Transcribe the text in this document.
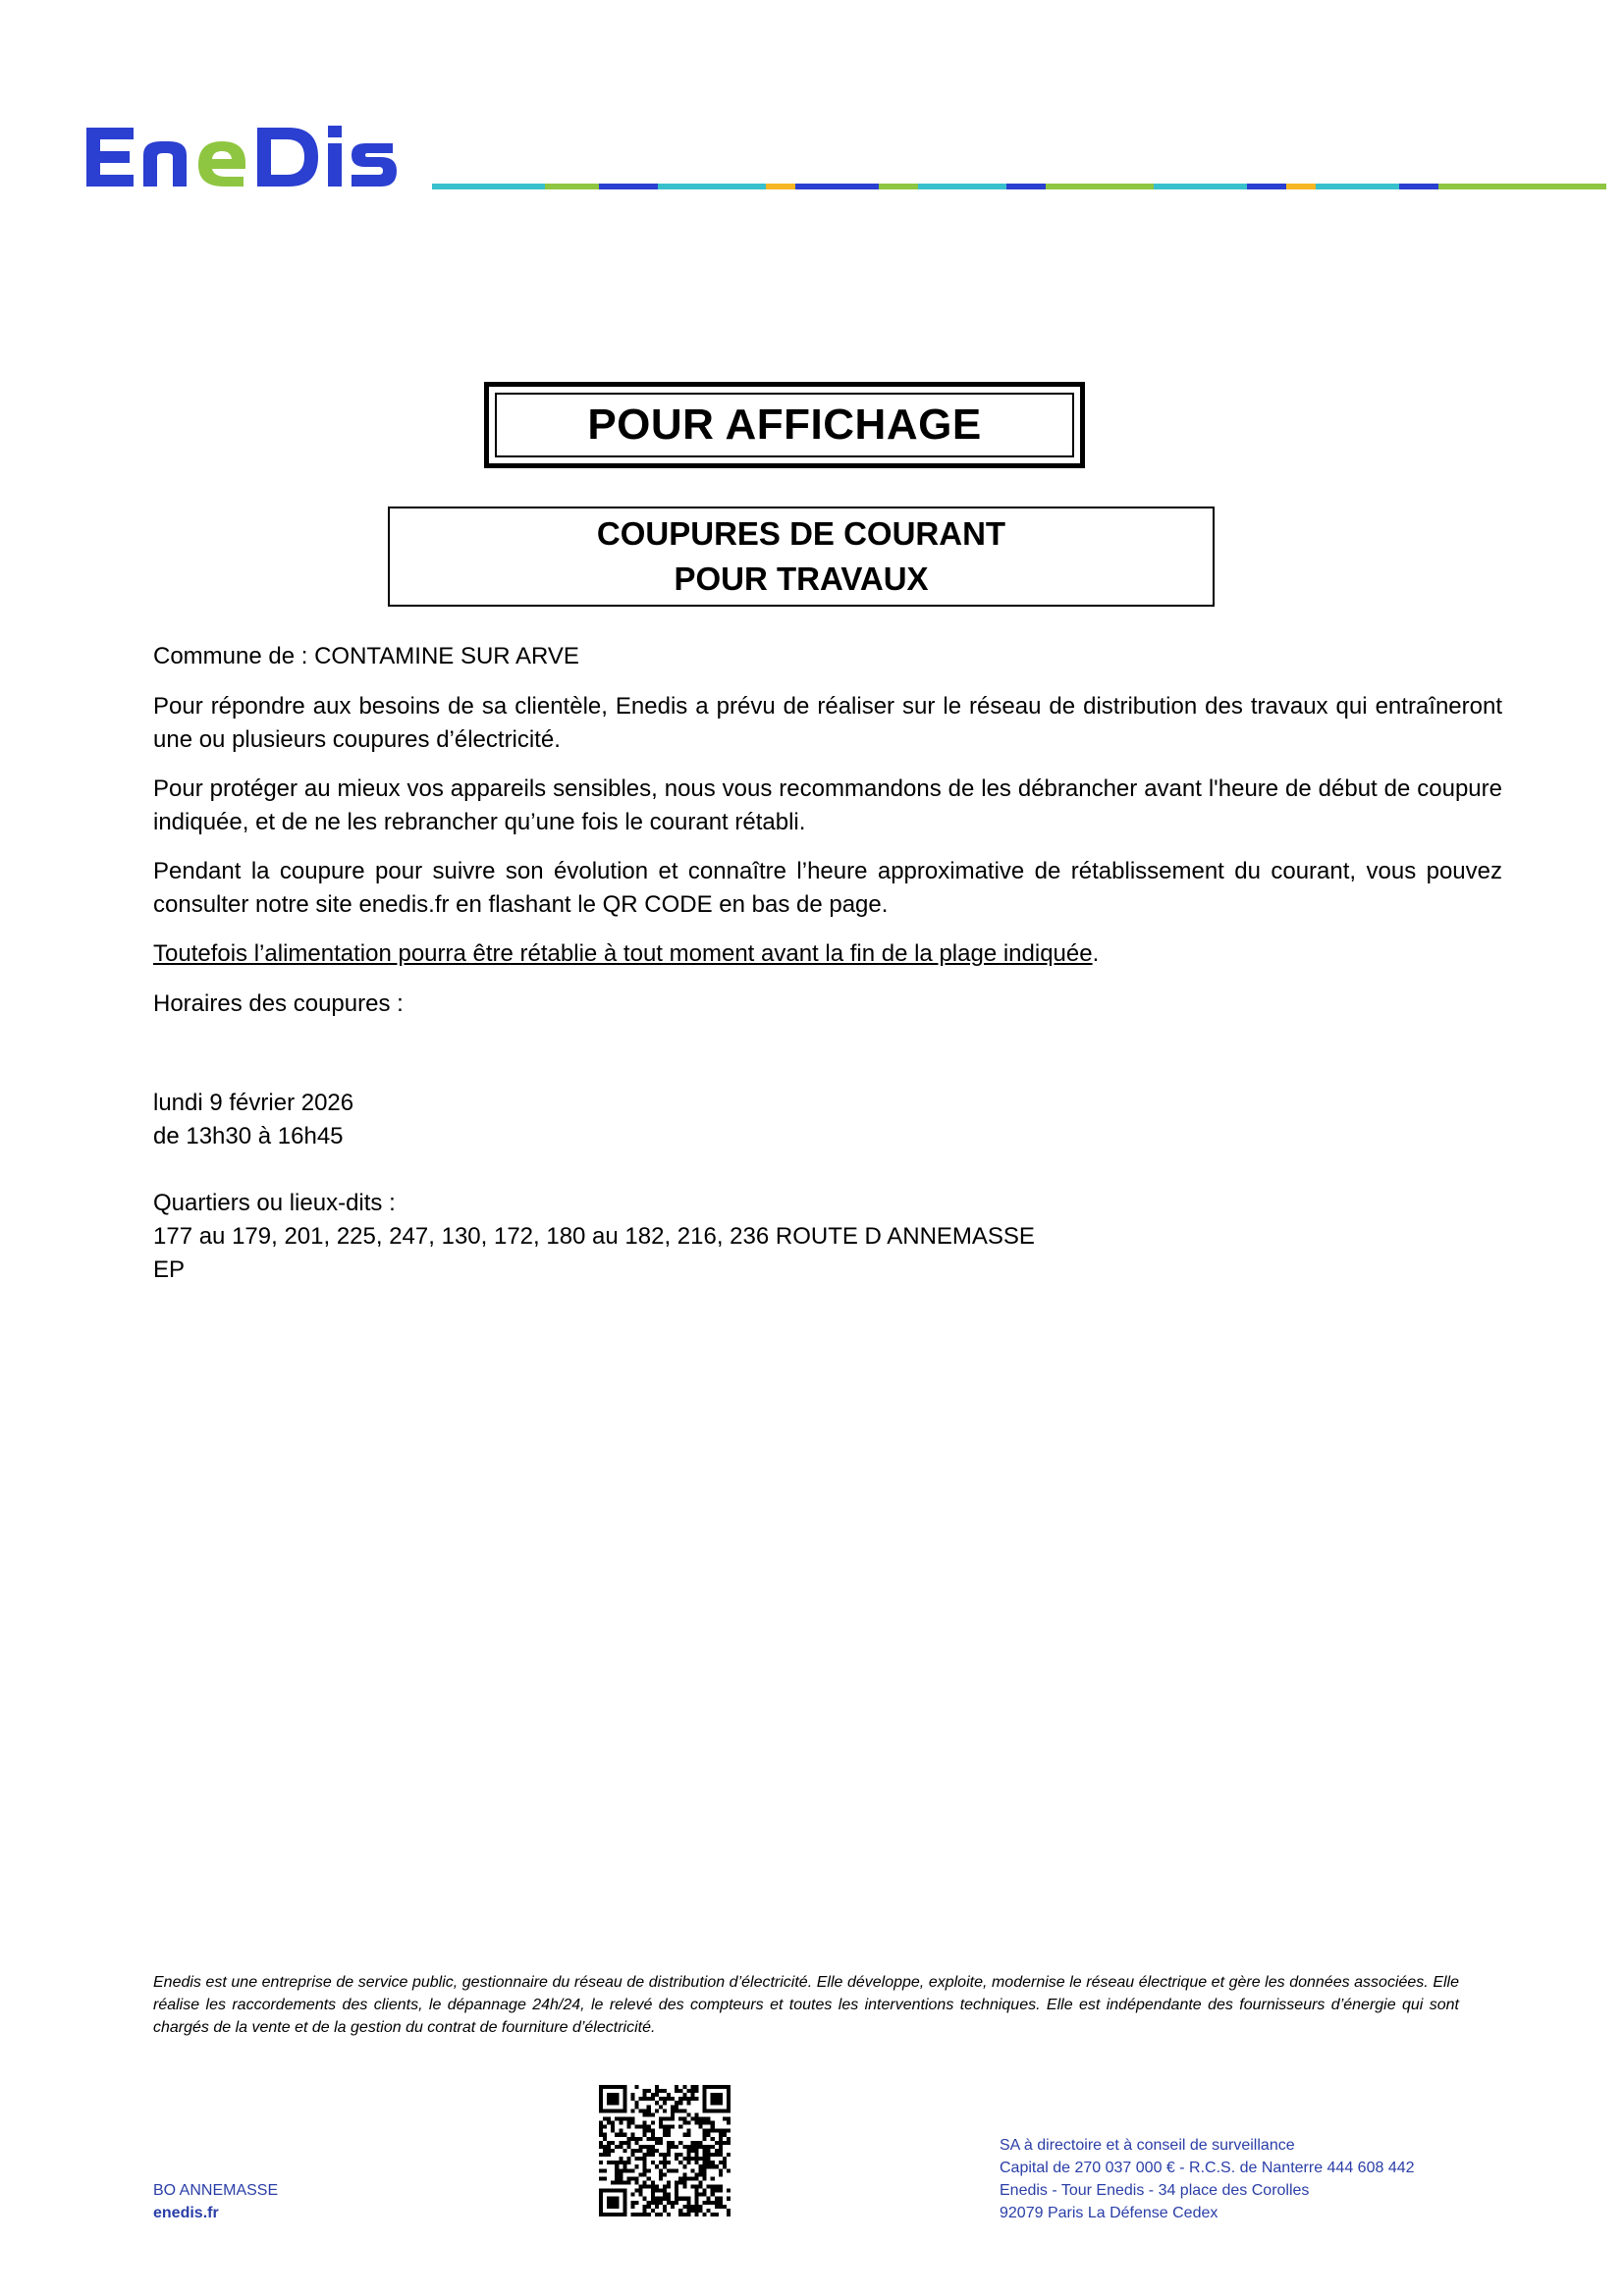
POUR AFFICHAGE
COUPURES DE COURANT
POUR TRAVAUX
Commune de : CONTAMINE SUR ARVE
Pour répondre aux besoins de sa clientèle, Enedis a prévu de réaliser sur le réseau de distribution des travaux qui entraîneront une ou plusieurs coupures d’électricité.
Pour protéger au mieux vos appareils sensibles, nous vous recommandons de les débrancher avant l'heure de début de coupure indiquée, et de ne les rebrancher qu’une fois le courant rétabli.
Pendant la coupure pour suivre son évolution et connaître l’heure approximative de rétablissement du courant, vous pouvez consulter notre site enedis.fr en flashant le QR CODE en bas de page.
Toutefois l’alimentation pourra être rétablie à tout moment avant la fin de la plage indiquée.
Horaires des coupures :
lundi 9 février 2026
de 13h30 à 16h45
Quartiers ou lieux-dits :
177 au 179, 201, 225, 247, 130, 172, 180 au 182, 216, 236 ROUTE D ANNEMASSE
EP
Enedis est une entreprise de service public, gestionnaire du réseau de distribution d’électricité. Elle développe, exploite, modernise le réseau électrique et gère les données associées. Elle réalise les raccordements des clients, le dépannage 24h/24, le relevé des compteurs et toutes les interventions techniques. Elle est indépendante des fournisseurs d’énergie qui sont chargés de la vente et de la gestion du contrat de fourniture d’électricité.
BO ANNEMASSE
enedis.fr
SA à directoire et à conseil de surveillance
Capital de 270 037 000 € - R.C.S. de Nanterre 444 608 442
Enedis - Tour Enedis - 34 place des Corolles
92079 Paris La Défense Cedex
